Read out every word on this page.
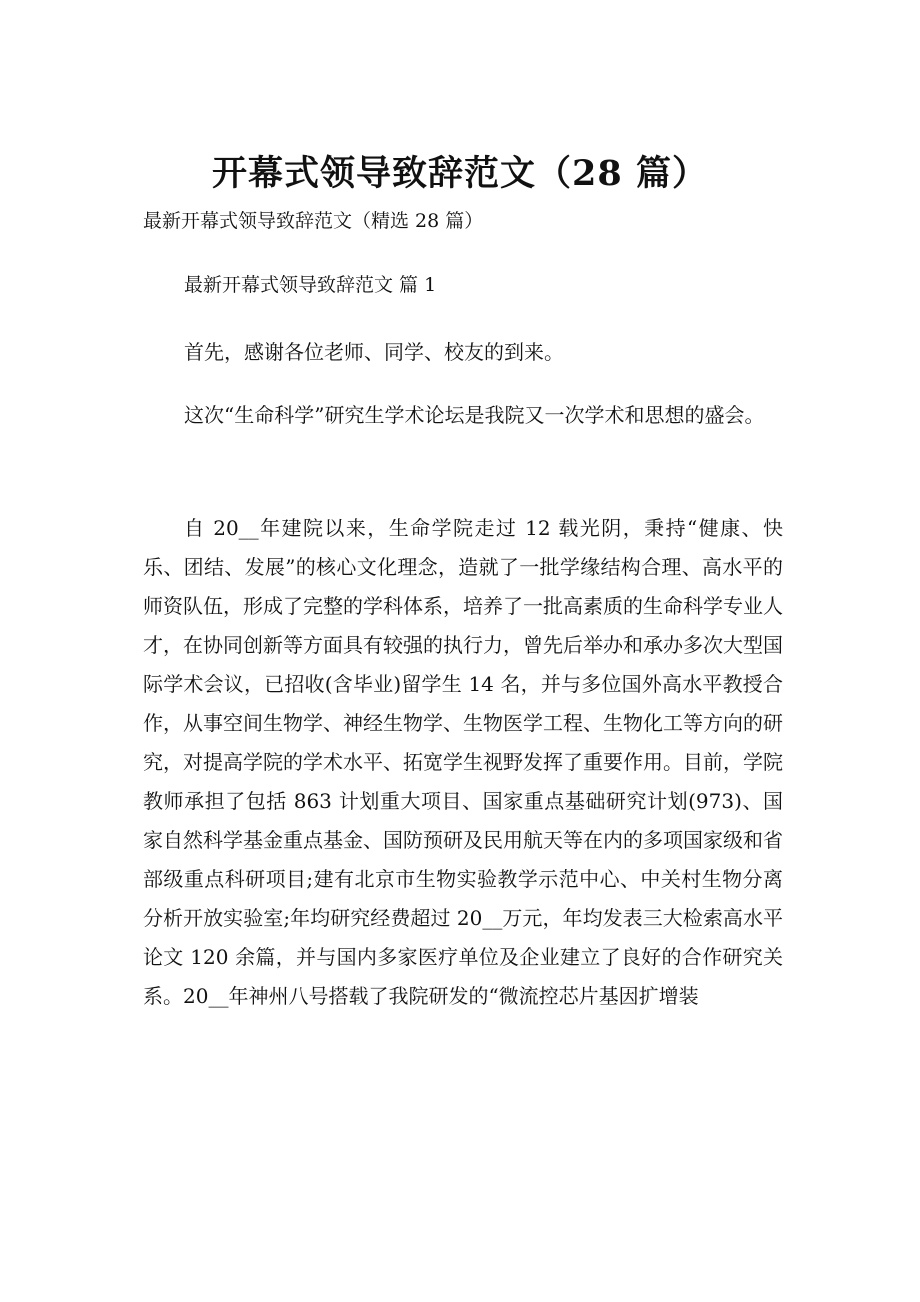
开幕式领导致辞范文（28 篇）
最新开幕式领导致辞范文（精选 28 篇）
最新开幕式领导致辞范文 篇 1

首先，感谢各位老师、同学、校友的到来。

这次“生命科学”研究生学术论坛是我院又一次学术和思想的盛会。

自 20__年建院以来，生命学院走过 12 载光阴，秉持“健康、快乐、团结、发展”的核心文化理念，造就了一批学缘结构合理、高水平的师资队伍，形成了完整的学科体系，培养了一批高素质的生命科学专业人才，在协同创新等方面具有较强的执行力，曾先后举办和承办多次大型国际学术会议，已招收(含毕业)留学生 14 名，并与多位国外高水平教授合作，从事空间生物学、神经生物学、生物医学工程、生物化工等方向的研究，对提高学院的学术水平、拓宽学生视野发挥了重要作用。目前，学院教师承担了包括 863 计划重大项目、国家重点基础研究计划(973)、国家自然科学基金重点基金、国防预研及民用航天等在内的多项国家级和省部级重点科研项目;建有北京市生物实验教学示范中心、中关村生物分离分析开放实验室;年均研究经费超过 20__万元，年均发表三大检索高水平论文 120 余篇，并与国内多家医疗单位及企业建立了良好的合作研究关系。20__年神州八号搭载了我院研发的“微流控芯片基因扩增装
